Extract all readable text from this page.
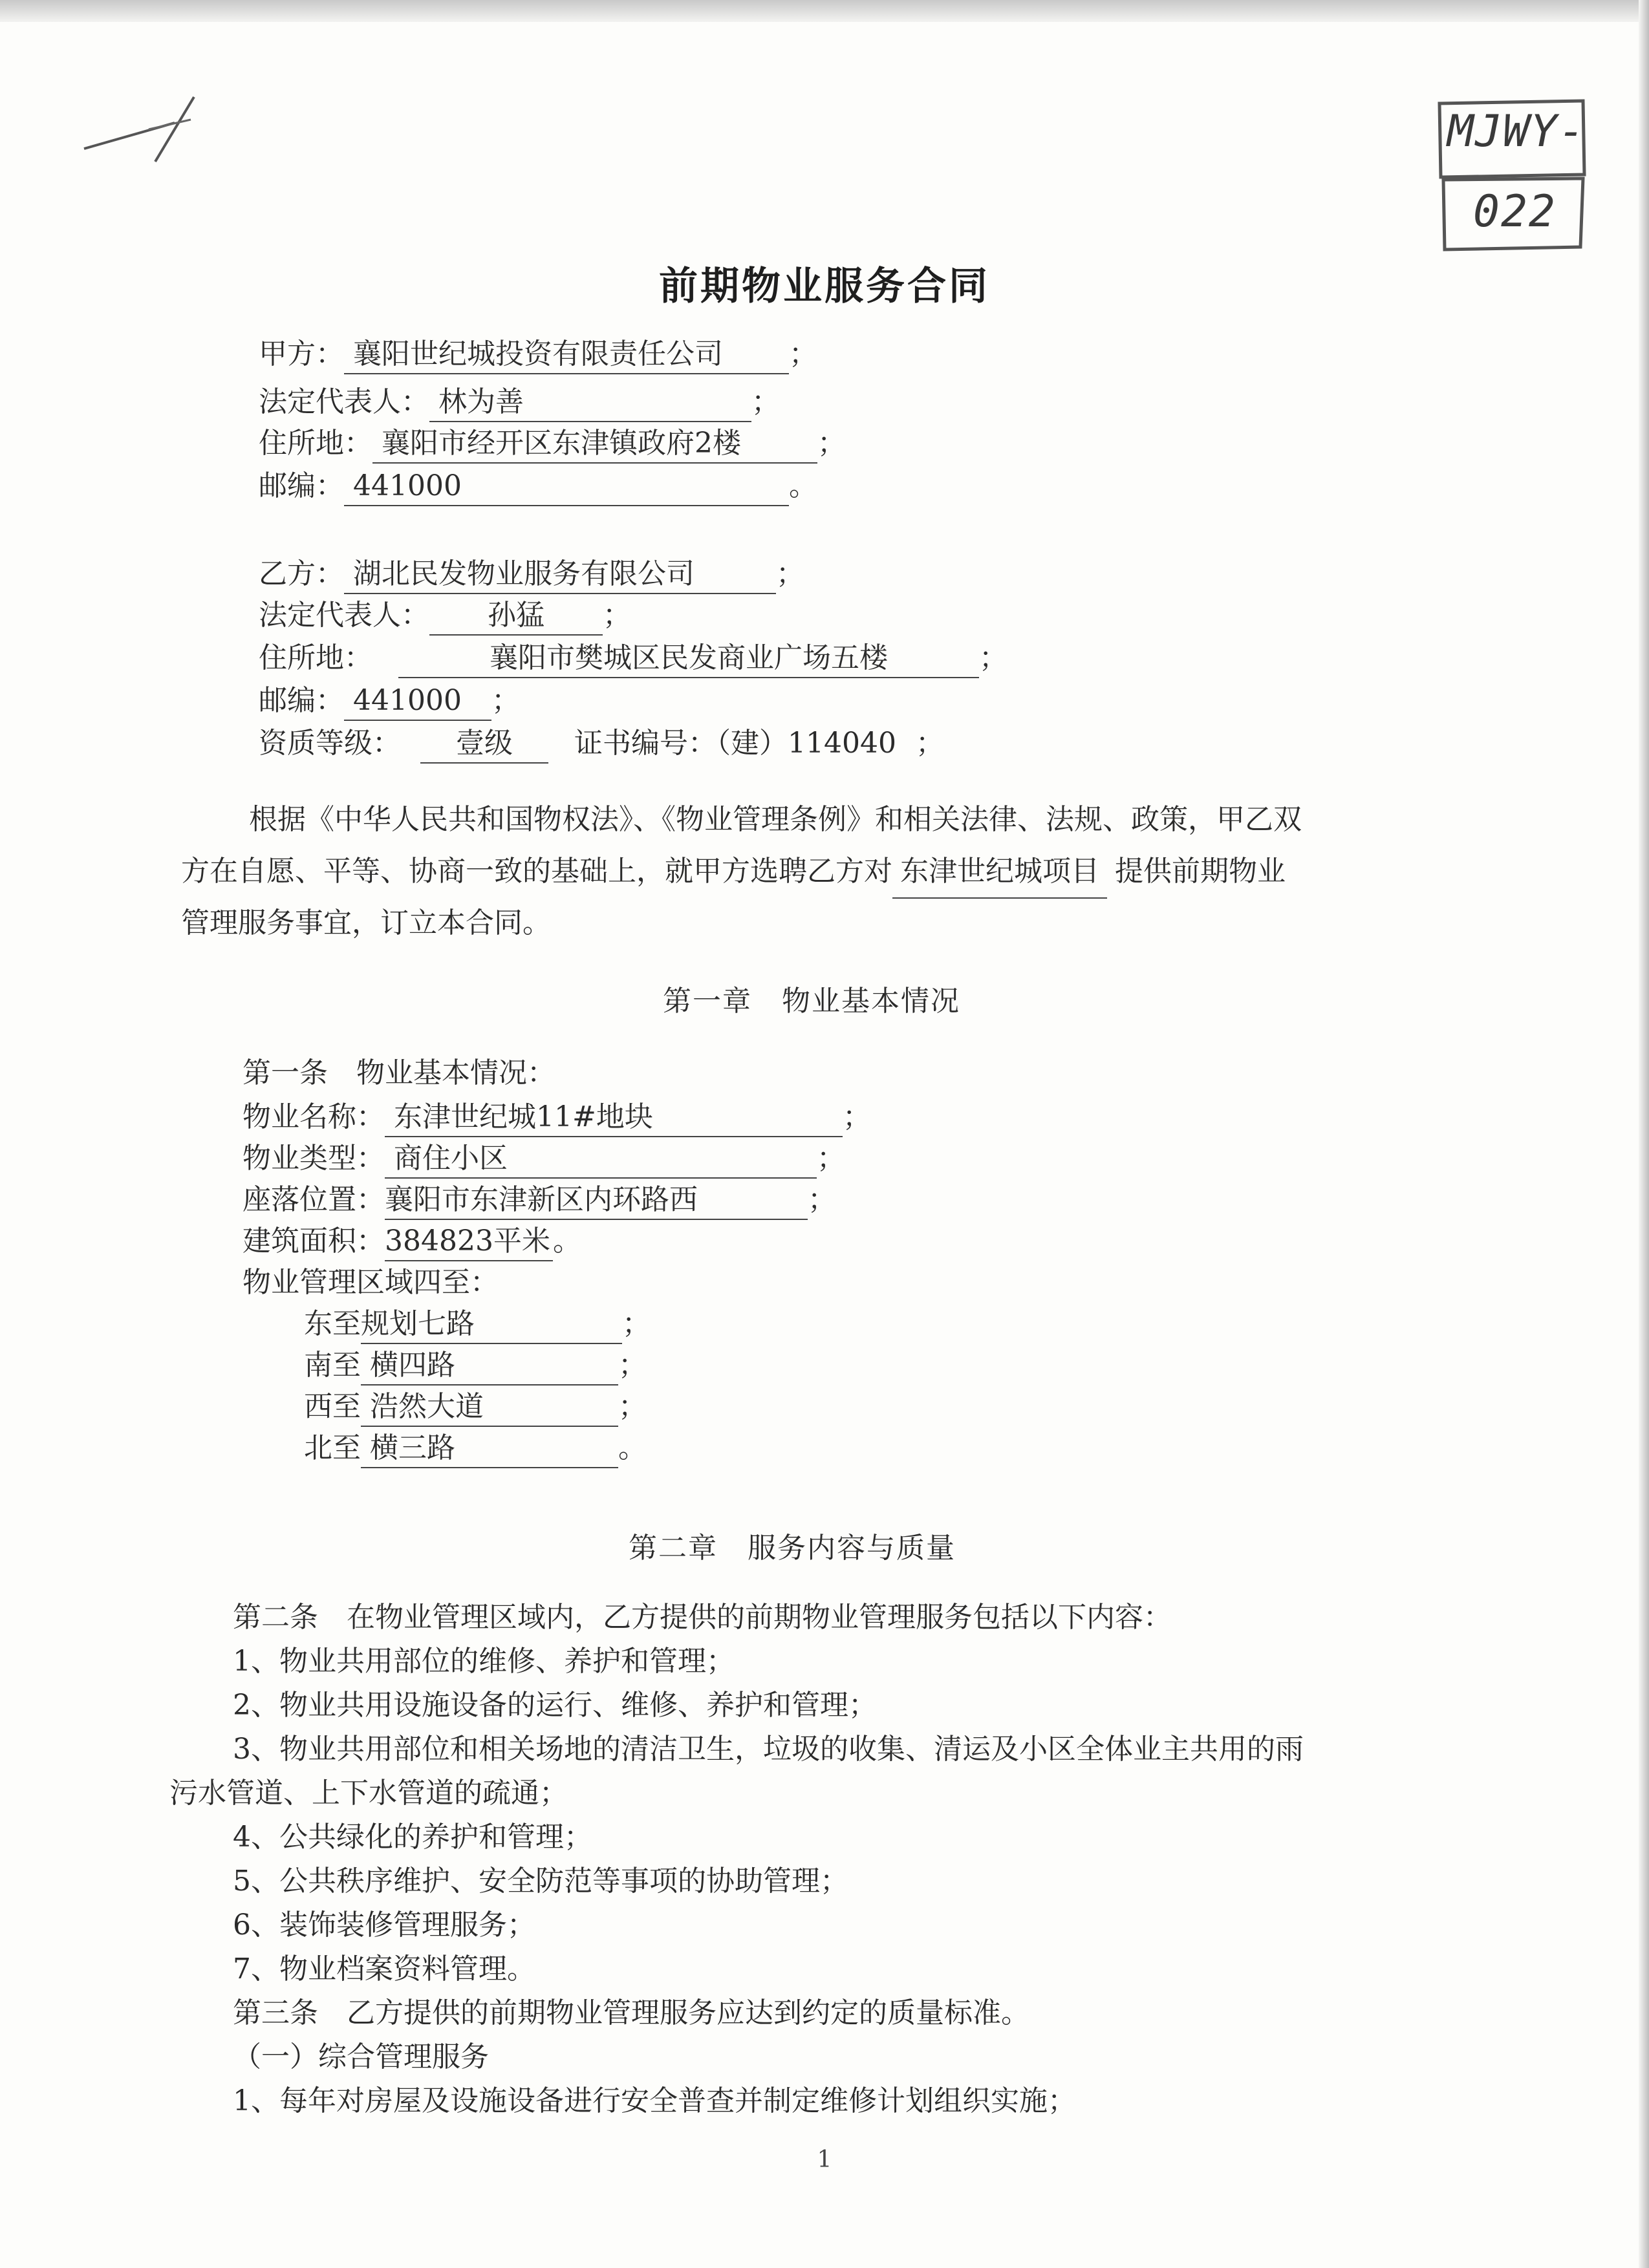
MJWY-
022
前期物业服务合同
甲方： 襄阳世纪城投资有限责任公司 ；
法定代表人： 林为善	；
住所地： 襄阳市经开区东津镇政府2楼	；
邮编： 441000	。
乙方： 湖北民发物业服务有限公司	；
法定代表人： 孙猛 ；
住所地：	襄阳市樊城区民发商业广场五楼	；
邮编： 441000 ；
资质等级： 壹级 证书编号：（建）114040 ；
根据《中华人民共和国物权法》、《物业管理条例》和相关法律、法规、政策，甲乙双
方在自愿、平等、协商一致的基础上，就甲方选聘乙方对 东津世纪城项目 提供前期物业
管理服务事宜，订立本合同。
第一章　物业基本情况
第一条　物业基本情况：
物业名称： 东津世纪城11#地块	；
物业类型： 商住小区	；
座落位置：襄阳市东津新区内环路西	；
建筑面积：384823平米。
物业管理区域四至：
东至规划七路	；
南至 横四路	；
西至 浩然大道	；
北至 横三路	。
第二章　服务内容与质量
第二条　在物业管理区域内，乙方提供的前期物业管理服务包括以下内容：
1、物业共用部位的维修、养护和管理；
2、物业共用设施设备的运行、维修、养护和管理；
3、物业共用部位和相关场地的清洁卫生，垃圾的收集、清运及小区全体业主共用的雨
污水管道、上下水管道的疏通；
4、公共绿化的养护和管理；
5、公共秩序维护、安全防范等事项的协助管理；
6、装饰装修管理服务；
7、物业档案资料管理。
第三条　乙方提供的前期物业管理服务应达到约定的质量标准。
（一）综合管理服务
1、每年对房屋及设施设备进行安全普查并制定维修计划组织实施；
1
